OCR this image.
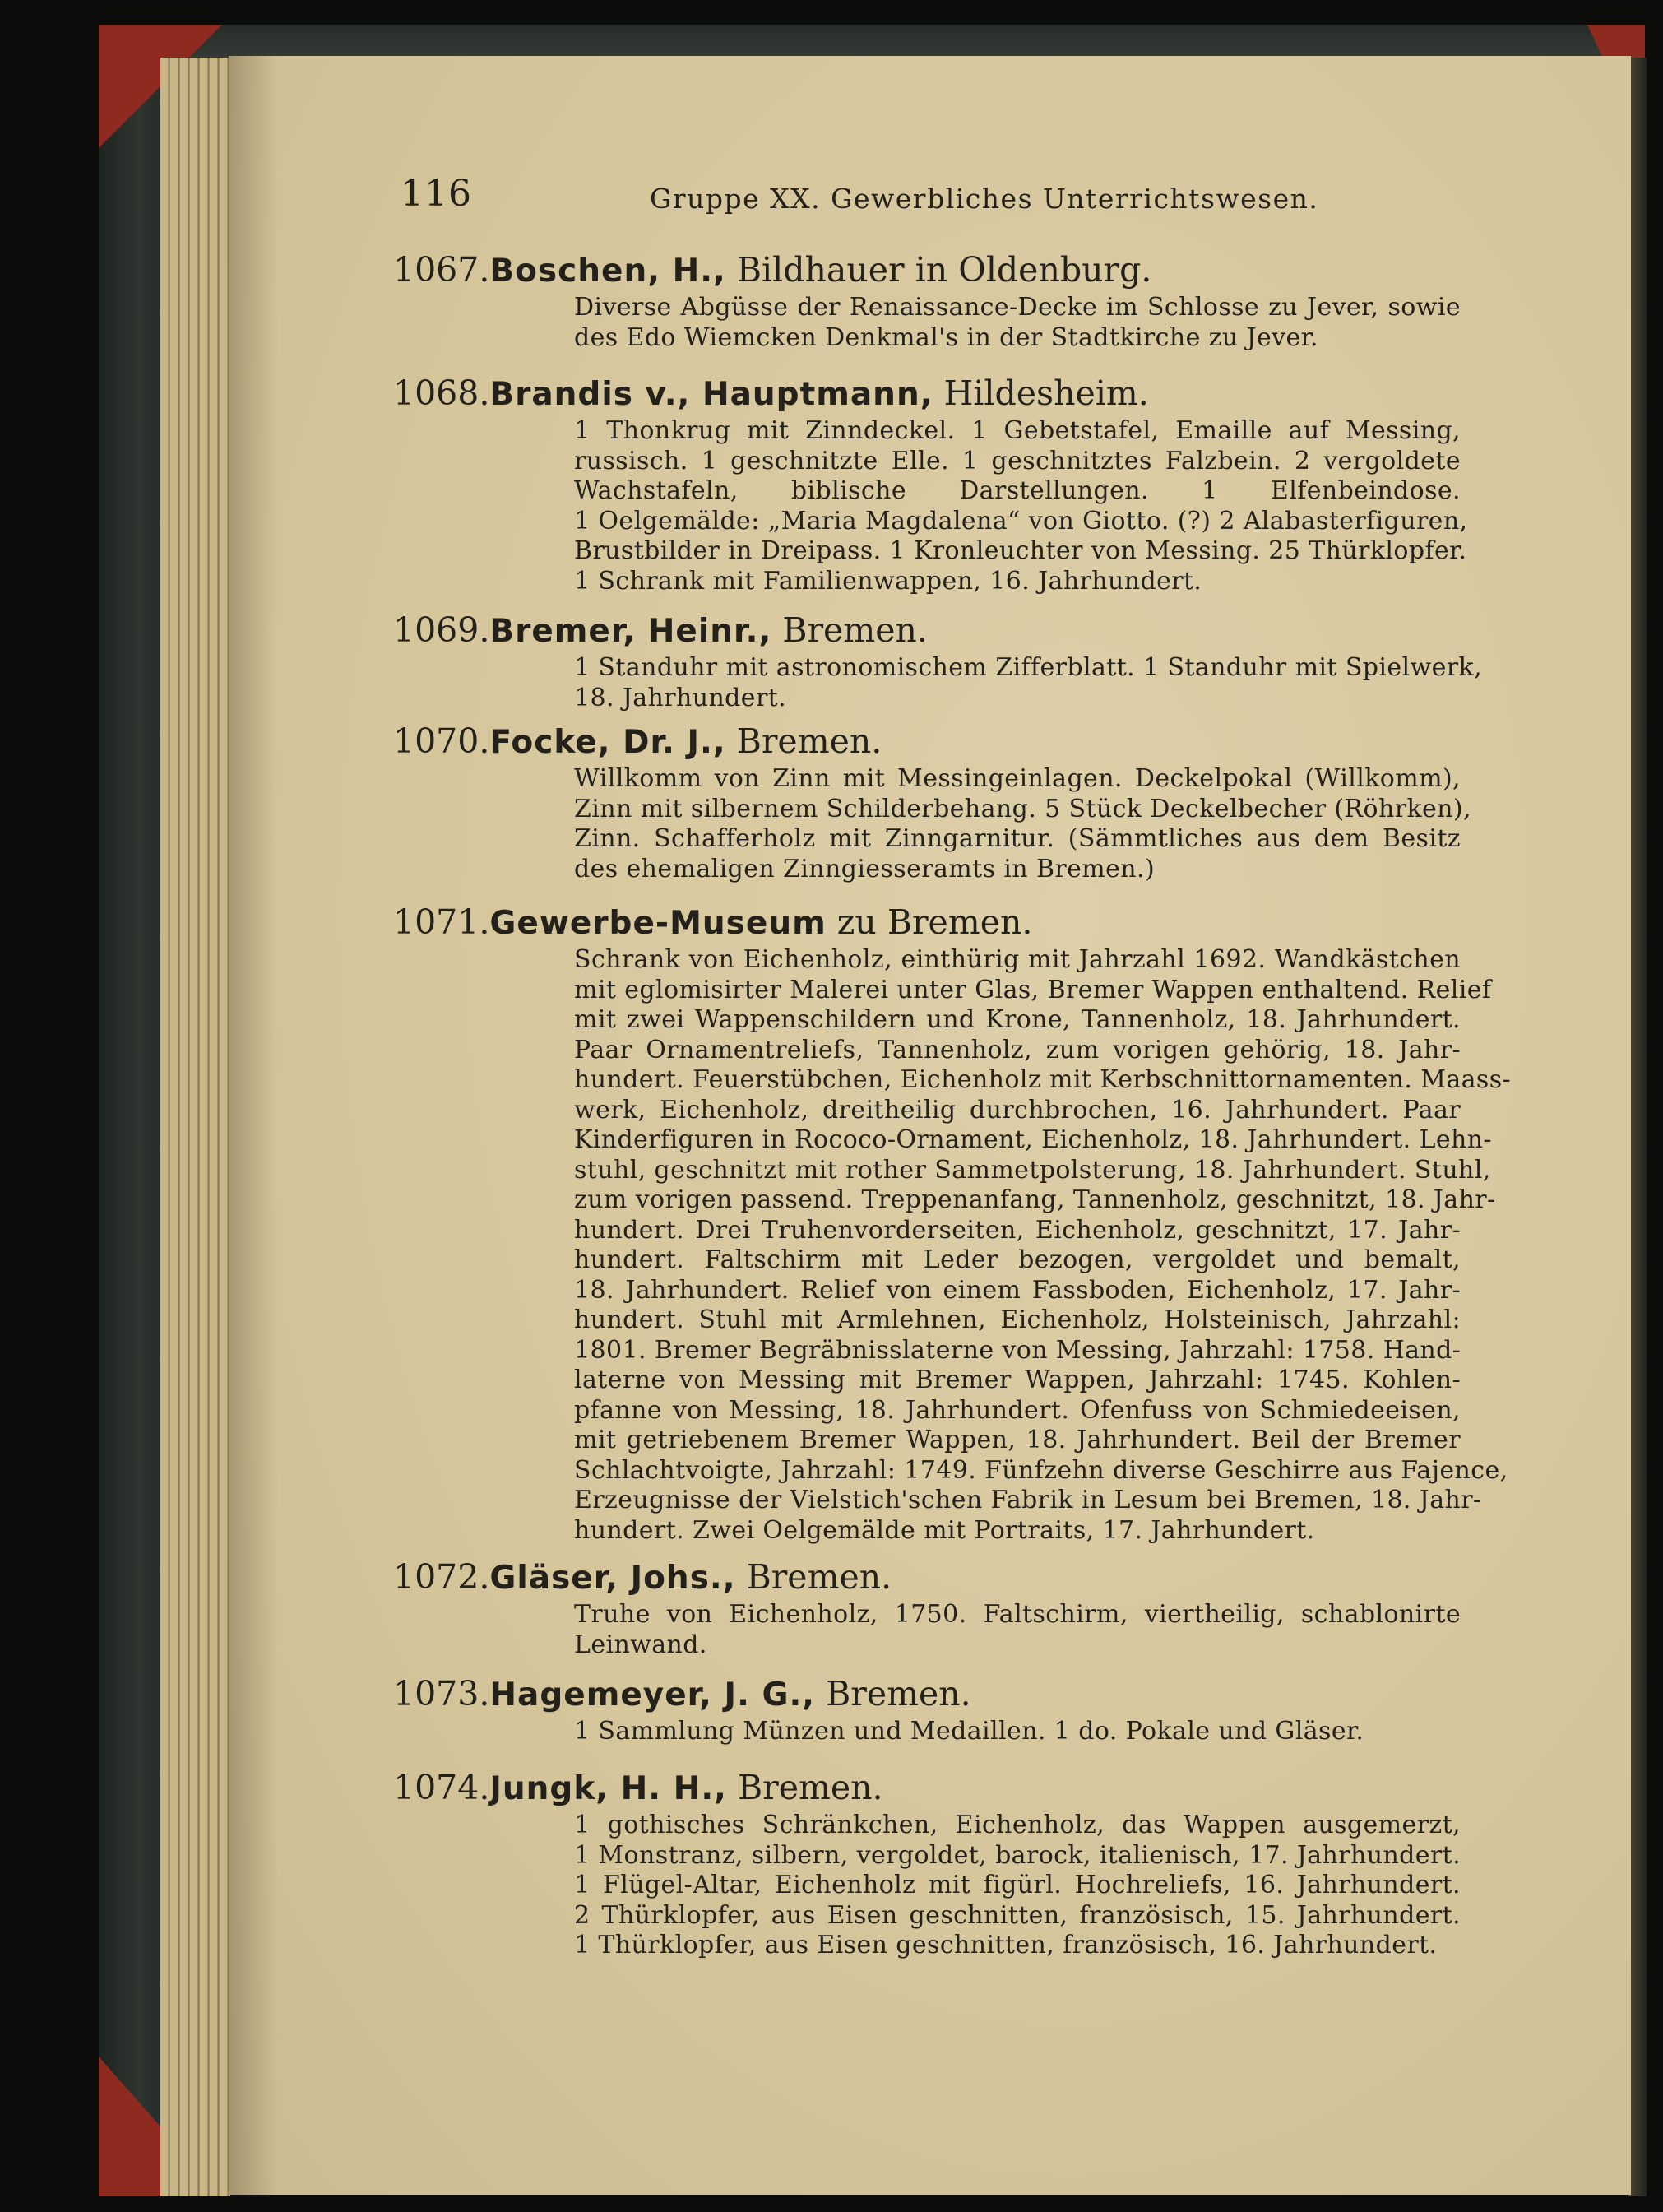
116	Gruppe XX. Gewerbliches Unterrichtswesen.
1067.Boschen, H., Bildhauer in Oldenburg.
Diverse Abgüsse der Renaissance-Decke im Schlosse zu Jever, sowie
des Edo Wiemcken Denkmal's in der Stadtkirche zu Jever.
1068.Brandis v., Hauptmann, Hildesheim.
1 Thonkrug mit Zinndeckel. 1 Gebetstafel, Emaille auf Messing,
russisch. 1 geschnitzte Elle. 1 geschnitztes Falzbein. 2 vergoldete
Wachstafeln, biblische Darstellungen. 1 Elfenbeindose.
1 Oelgemälde: „Maria Magdalena“ von Giotto. (?) 2 Alabasterfiguren,
Brustbilder in Dreipass. 1 Kronleuchter von Messing. 25 Thürklopfer.
1 Schrank mit Familienwappen, 16. Jahrhundert.
1069.Bremer, Heinr., Bremen.
1 Standuhr mit astronomischem Zifferblatt. 1 Standuhr mit Spielwerk,
18. Jahrhundert.
1070.Focke, Dr. J., Bremen.
Willkomm von Zinn mit Messingeinlagen. Deckelpokal (Willkomm),
Zinn mit silbernem Schilderbehang. 5 Stück Deckelbecher (Röhrken),
Zinn. Schafferholz mit Zinngarnitur. (Sämmtliches aus dem Besitz
des ehemaligen Zinngiesseramts in Bremen.)
1071.Gewerbe-Museum zu Bremen.
Schrank von Eichenholz, einthürig mit Jahrzahl 1692. Wandkästchen
mit eglomisirter Malerei unter Glas, Bremer Wappen enthaltend. Relief
mit zwei Wappenschildern und Krone, Tannenholz, 18. Jahrhundert.
Paar Ornamentreliefs, Tannenholz, zum vorigen gehörig, 18. Jahr-
hundert. Feuerstübchen, Eichenholz mit Kerbschnittornamenten. Maass-
werk, Eichenholz, dreitheilig durchbrochen, 16. Jahrhundert. Paar
Kinderfiguren in Rococo-Ornament, Eichenholz, 18. Jahrhundert. Lehn-
stuhl, geschnitzt mit rother Sammetpolsterung, 18. Jahrhundert. Stuhl,
zum vorigen passend. Treppenanfang, Tannenholz, geschnitzt, 18. Jahr-
hundert. Drei Truhenvorderseiten, Eichenholz, geschnitzt, 17. Jahr-
hundert. Faltschirm mit Leder bezogen, vergoldet und bemalt,
18. Jahrhundert. Relief von einem Fassboden, Eichenholz, 17. Jahr-
hundert. Stuhl mit Armlehnen, Eichenholz, Holsteinisch, Jahrzahl:
1801. Bremer Begräbnisslaterne von Messing, Jahrzahl: 1758. Hand-
laterne von Messing mit Bremer Wappen, Jahrzahl: 1745. Kohlen-
pfanne von Messing, 18. Jahrhundert. Ofenfuss von Schmiedeeisen,
mit getriebenem Bremer Wappen, 18. Jahrhundert. Beil der Bremer
Schlachtvoigte, Jahrzahl: 1749. Fünfzehn diverse Geschirre aus Fajence,
Erzeugnisse der Vielstich'schen Fabrik in Lesum bei Bremen, 18. Jahr-
hundert. Zwei Oelgemälde mit Portraits, 17. Jahrhundert.
1072.Gläser, Johs., Bremen.
Truhe von Eichenholz, 1750. Faltschirm, viertheilig, schablonirte
Leinwand.
1073.Hagemeyer, J. G., Bremen.
1 Sammlung Münzen und Medaillen. 1 do. Pokale und Gläser.
1074.Jungk, H. H., Bremen.
1 gothisches Schränkchen, Eichenholz, das Wappen ausgemerzt,
1 Monstranz, silbern, vergoldet, barock, italienisch, 17. Jahrhundert.
1 Flügel-Altar, Eichenholz mit figürl. Hochreliefs, 16. Jahrhundert.
2 Thürklopfer, aus Eisen geschnitten, französisch, 15. Jahrhundert.
1 Thürklopfer, aus Eisen geschnitten, französisch, 16. Jahrhundert.
